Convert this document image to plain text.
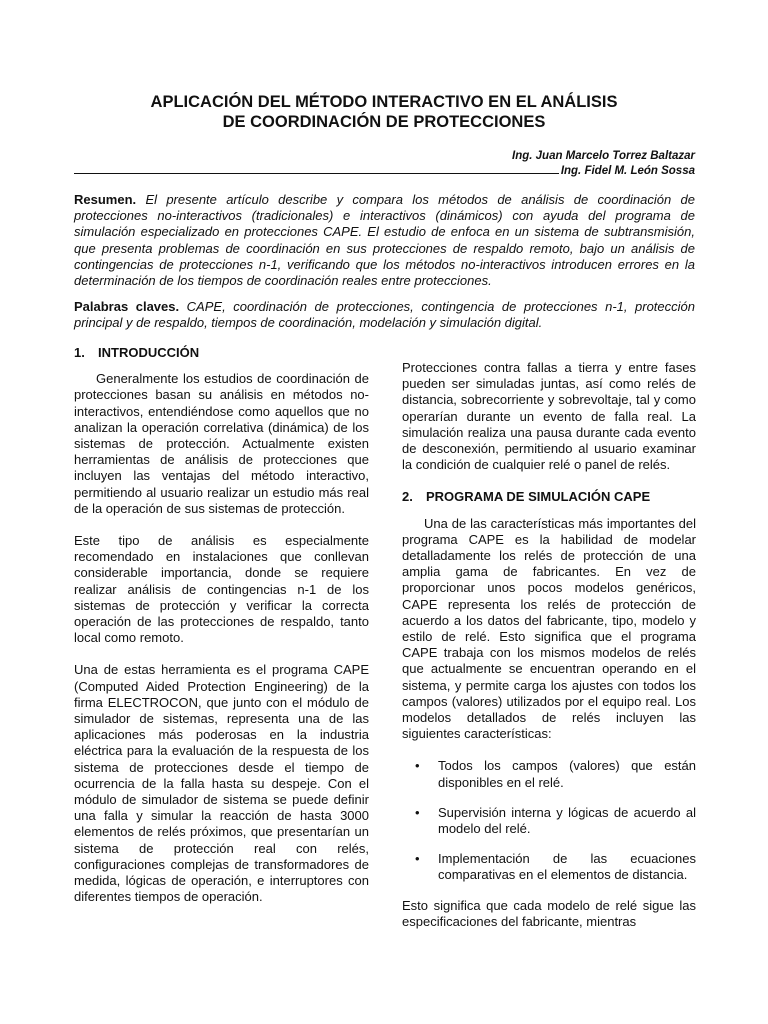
APLICACIÓN DEL MÉTODO INTERACTIVO EN EL ANÁLISIS
DE COORDINACIÓN DE PROTECCIONES
Ing. Juan Marcelo Torrez Baltazar
Ing. Fidel M. León Sossa
Resumen. El presente artículo describe y compara los métodos de análisis de coordinación de protecciones no-interactivos (tradicionales) e interactivos (dinámicos) con ayuda del programa de simulación especializado en protecciones CAPE. El estudio de enfoca en un sistema de subtransmisión, que presenta problemas de coordinación en sus protecciones de respaldo remoto, bajo un análisis de contingencias de protecciones n-1, verificando que los métodos no-interactivos introducen errores en la determinación de los tiempos de coordinación reales entre protecciones.
Palabras claves. CAPE, coordinación de protecciones, contingencia de protecciones n-1, protección principal y de respaldo, tiempos de coordinación, modelación y simulación digital.
1. INTRODUCCIÓN

Generalmente los estudios de coordinación de protecciones basan su análisis en métodos no-interactivos, entendiéndose como aquellos que no analizan la operación correlativa (dinámica) de los sistemas de protección. Actualmente existen herramientas de análisis de protecciones que incluyen las ventajas del método interactivo, permitiendo al usuario realizar un estudio más real de la operación de sus sistemas de protección.

Este tipo de análisis es especialmente recomendado en instalaciones que conllevan considerable importancia, donde se requiere realizar análisis de contingencias n-1 de los sistemas de protección y verificar la correcta operación de las protecciones de respaldo, tanto local como remoto.

Una de estas herramienta es el programa CAPE (Computed Aided Protection Engineering) de la firma ELECTROCON, que junto con el módulo de simulador de sistemas, representa una de las aplicaciones más poderosas en la industria eléctrica para la evaluación de la respuesta de los sistema de protecciones desde el tiempo de ocurrencia de la falla hasta su despeje. Con el módulo de simulador de sistema se puede definir una falla y simular la reacción de hasta 3000 elementos de relés próximos, que presentarían un sistema de protección real con relés, configuraciones complejas de transformadores de medida, lógicas de operación, e interruptores con diferentes tiempos de operación.

Protecciones contra fallas a tierra y entre fases pueden ser simuladas juntas, así como relés de distancia, sobrecorriente y sobrevoltaje, tal y como operarían durante un evento de falla real. La simulación realiza una pausa durante cada evento de desconexión, permitiendo al usuario examinar la condición de cualquier relé o panel de relés.

2. PROGRAMA DE SIMULACIÓN CAPE

Una de las características más importantes del programa CAPE es la habilidad de modelar detalladamente los relés de protección de una amplia gama de fabricantes. En vez de proporcionar unos pocos modelos genéricos, CAPE representa los relés de protección de acuerdo a los datos del fabricante, tipo, modelo y estilo de relé. Esto significa que el programa CAPE trabaja con los mismos modelos de relés que actualmente se encuentran operando en el sistema, y permite carga los ajustes con todos los campos (valores) utilizados por el equipo real. Los modelos detallados de relés incluyen las siguientes características:

• Todos los campos (valores) que están disponibles en el relé.
• Supervisión interna y lógicas de acuerdo al modelo del relé.
• Implementación de las ecuaciones comparativas en el elementos de distancia.

Esto significa que cada modelo de relé sigue las especificaciones del fabricante, mientras
